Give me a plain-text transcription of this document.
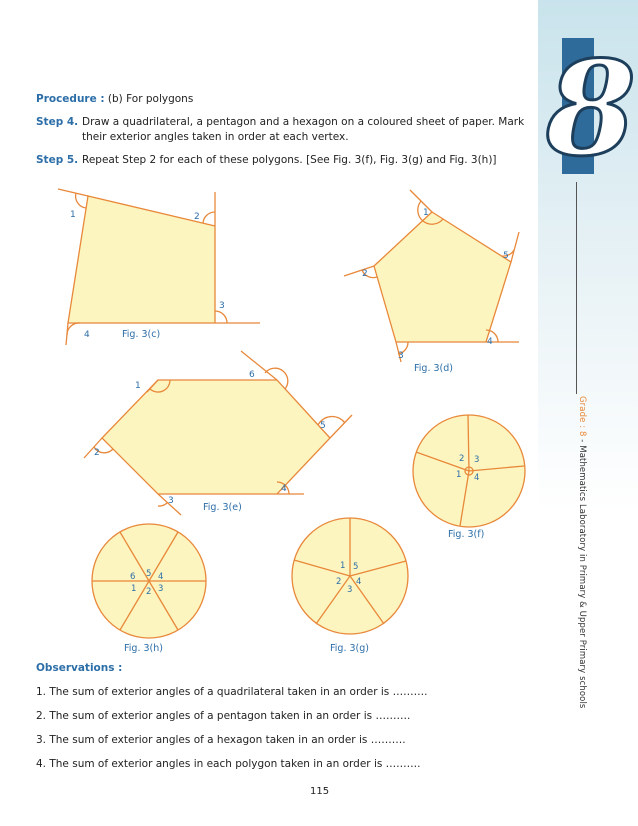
8
Grade : 8 - Mathematics Laboratory in Primary & Upper Primary schools
Procedure : (b) For polygons
Step 4. Draw a quadrilateral, a pentagon and a hexagon on a coloured sheet of paper. Mark
their exterior angles taken in order at each vertex.
Step 5. Repeat Step 2 for each of these polygons. [See Fig. 3(f), Fig. 3(g) and Fig. 3(h)]
1	2
3
4	Fig. 3(c)
1
2
3
4
5
Fig. 3(d)
1
2
3
4
5
6
Fig. 3(e)
2 3
1 4
Fig. 3(f)
1 5
2 4
3
Fig. 3(g)
6 5 4
1 2 3
Fig. 3(h)
Observations :
1. The sum of exterior angles of a quadrilateral taken in an order is ……….
2. The sum of exterior angles of a pentagon taken in an order is ……….
3. The sum of exterior angles of a hexagon taken in an order is ……….
4. The sum of exterior angles in each polygon taken in an order is ……….
115
